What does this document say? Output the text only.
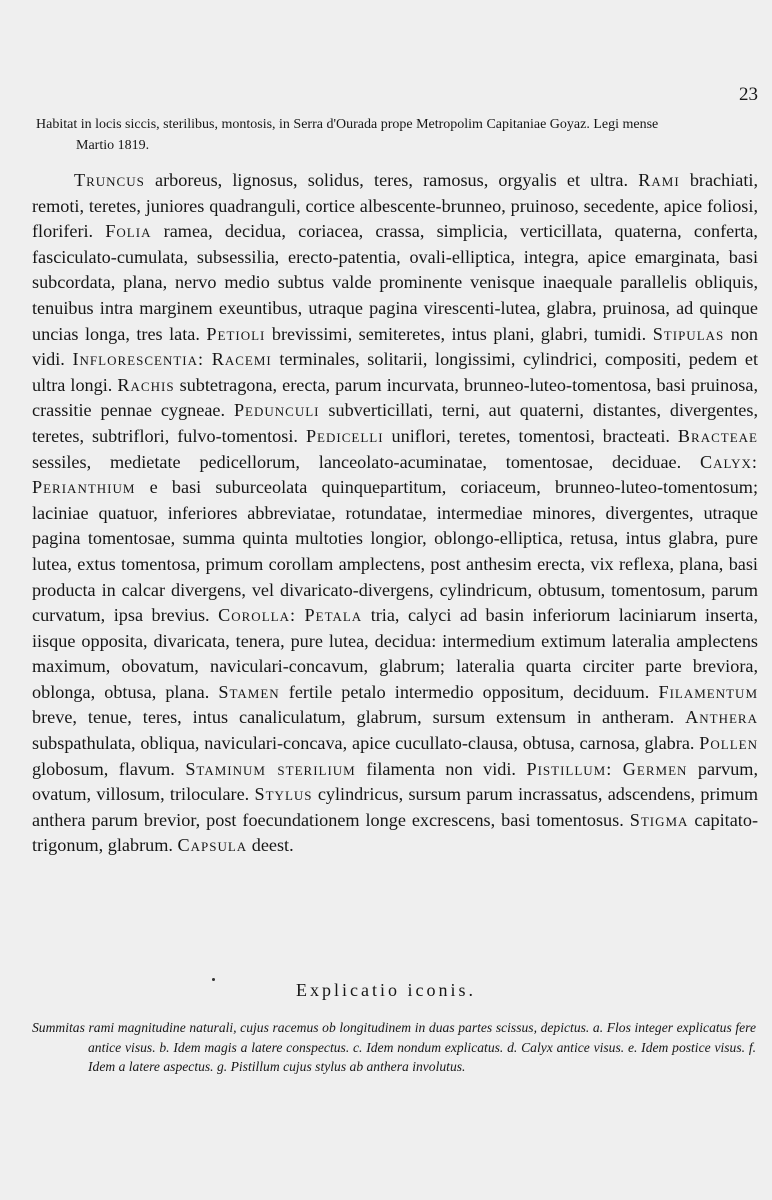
23
Habitat in locis siccis, sterilibus, montosis, in Serra d'Ourada prope Metropolim Capitaniae Goyaz. Legi mense
Martio 1819.
Truncus arboreus, lignosus, solidus, teres, ramosus, orgyalis et ultra. Rami brachiati, remoti, teretes, juniores quadranguli, cortice albescente-brunneo, pruinoso, secedente, apice foliosi, floriferi. Folia ramea, decidua, coriacea, crassa, simplicia, verticillata, quaterna, conferta, fasciculato-cumulata, subsessilia, erecto-patentia, ovali-elliptica, integra, apice emarginata, basi subcordata, plana, nervo medio subtus valde prominente venisque inaequale parallelis obliquis, tenuibus intra marginem exeuntibus, utraque pagina virescenti-lutea, glabra, pruinosa, ad quinque uncias longa, tres lata. Petioli brevissimi, semiteretes, intus plani, glabri, tumidi. Stipulas non vidi. Inflorescentia: Racemi terminales, solitarii, longissimi, cylindrici, compositi, pedem et ultra longi. Rachis subtetragona, erecta, parum incurvata, brunneo-luteo-tomentosa, basi pruinosa, crassitie pennae cygneae. Pedunculi subverticillati, terni, aut quaterni, distantes, divergentes, teretes, subtriflori, fulvo-tomentosi. Pedicelli uniflori, teretes, tomentosi, bracteati. Bracteae sessiles, medietate pedicellorum, lanceolato-acuminatae, tomentosae, deciduae. Calyx: Perianthium e basi suburceolata quinquepartitum, coriaceum, brunneo-luteo-tomentosum; laciniae quatuor, inferiores abbreviatae, rotundatae, intermediae minores, divergentes, utraque pagina tomentosae, summa quinta multoties longior, oblongo-elliptica, retusa, intus glabra, pure lutea, extus tomentosa, primum corollam amplectens, post anthesim erecta, vix reflexa, plana, basi producta in calcar divergens, vel divaricato-divergens, cylindricum, obtusum, tomentosum, parum curvatum, ipsa brevius. Corolla: Petala tria, calyci ad basin inferiorum laciniarum inserta, iisque opposita, divaricata, tenera, pure lutea, decidua: intermedium extimum lateralia amplectens maximum, obovatum, naviculari-concavum, glabrum; lateralia quarta circiter parte breviora, oblonga, obtusa, plana. Stamen fertile petalo intermedio oppositum, deciduum. Filamentum breve, tenue, teres, intus canaliculatum, glabrum, sursum extensum in antheram. Anthera subspathulata, obliqua, naviculari-concava, apice cucullato-clausa, obtusa, carnosa, glabra. Pollen globosum, flavum. Staminum sterilium filamenta non vidi. Pistillum: Germen parvum, ovatum, villosum, triloculare. Stylus cylindricus, sursum parum incrassatus, adscendens, primum anthera parum brevior, post foecundationem longe excrescens, basi tomentosus. Stigma capitato-trigonum, glabrum. Capsula deest.
Explicatio iconis.
Summitas rami magnitudine naturali, cujus racemus ob longitudinem in duas partes scissus, depictus. a. Flos integer explicatus fere antice visus. b. Idem magis a latere conspectus. c. Idem nondum explicatus. d. Calyx antice visus. e. Idem postice visus. f. Idem a latere aspectus. g. Pistillum cujus stylus ab anthera involutus.
